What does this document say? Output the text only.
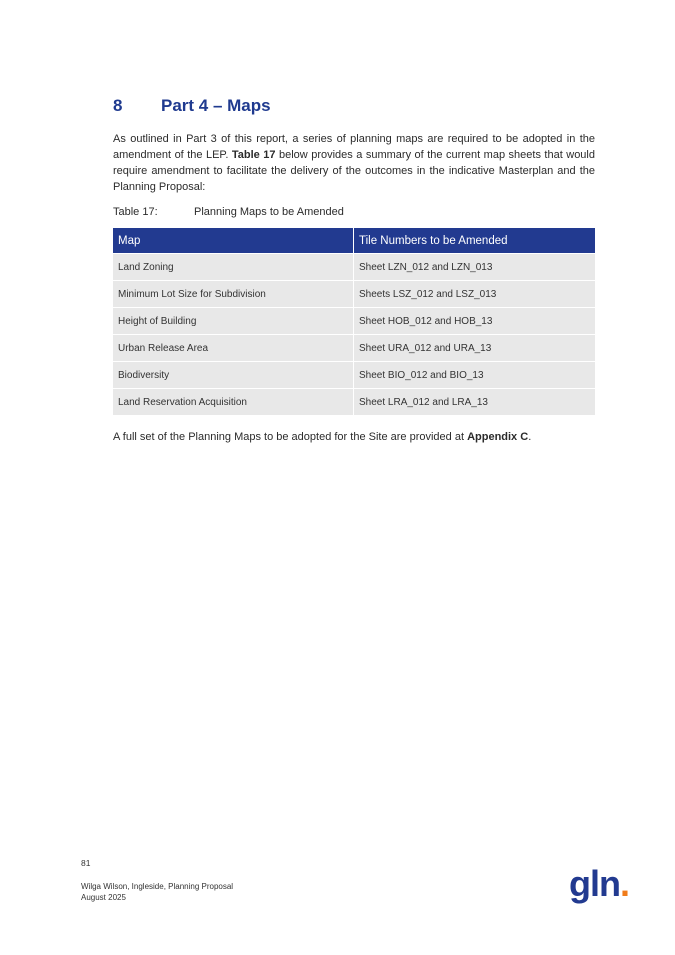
8	Part 4 – Maps

As outlined in Part 3 of this report, a series of planning maps are required to be adopted in the amendment of the LEP. Table 17 below provides a summary of the current map sheets that would require amendment to facilitate the delivery of the outcomes in the indicative Masterplan and the Planning Proposal:

Table 17:	Planning Maps to be Amended
Map	Tile Numbers to be Amended
Land Zoning	Sheet LZN_012 and LZN_013
Minimum Lot Size for Subdivision	Sheets LSZ_012 and LSZ_013
Height of Building	Sheet HOB_012 and HOB_13
Urban Release Area	Sheet URA_012 and URA_13
Biodiversity	Sheet BIO_012 and BIO_13
Land Reservation Acquisition	Sheet LRA_012 and LRA_13

A full set of the Planning Maps to be adopted for the Site are provided at Appendix C.

81
Wilga Wilson, Ingleside, Planning Proposal
August 2025	gln.
